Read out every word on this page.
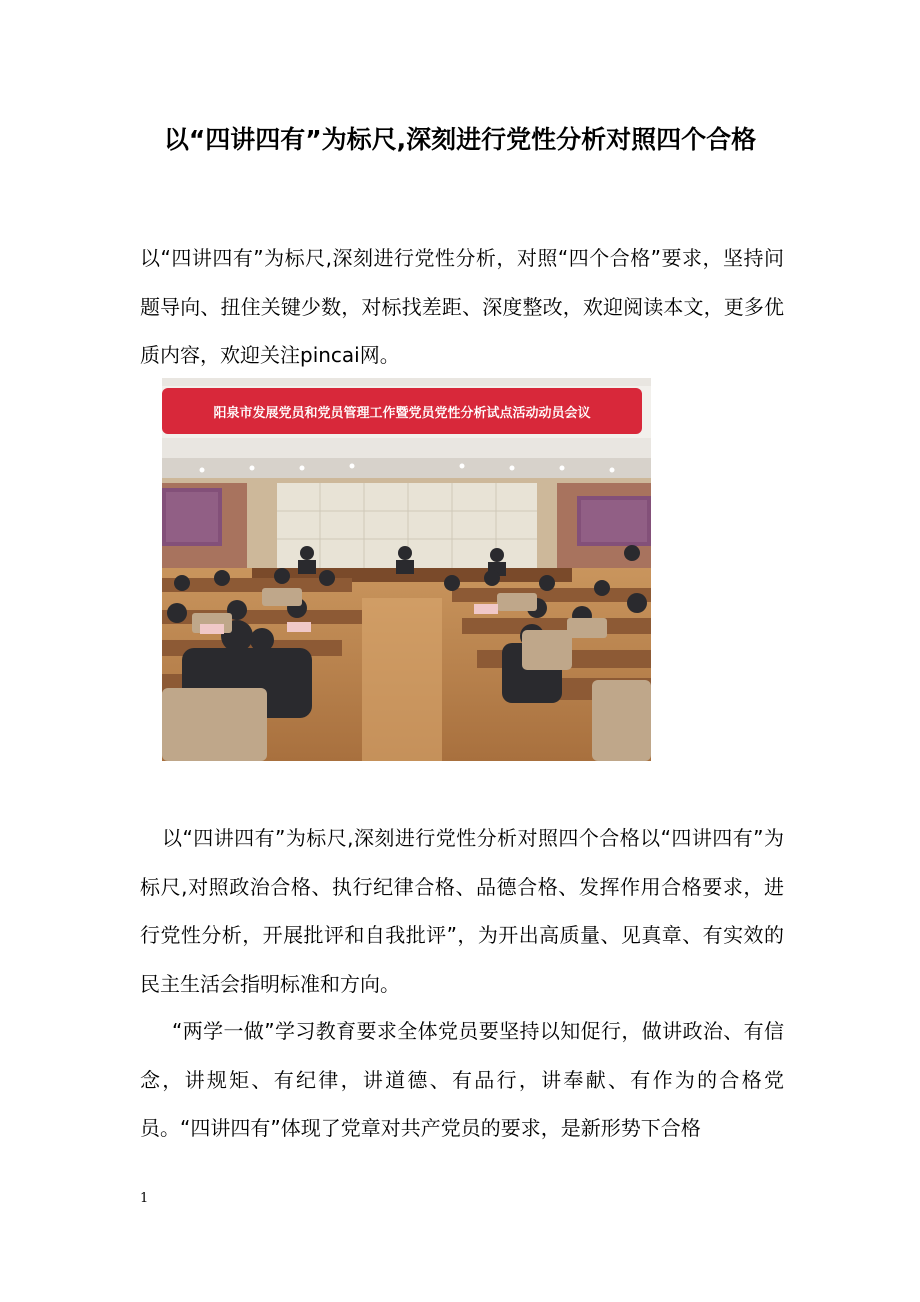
以“四讲四有”为标尺,深刻进行党性分析对照四个合格

以“四讲四有”为标尺,深刻进行党性分析，对照“四个合格”要求，坚持问题导向、扭住关键少数，对标找差距、深度整改，欢迎阅读本文，更多优质内容，欢迎关注pincai网。

阳泉市发展党员和党员管理工作暨党员党性分析试点活动动员会议

以“四讲四有”为标尺,深刻进行党性分析对照四个合格以“四讲四有”为标尺,对照政治合格、执行纪律合格、品德合格、发挥作用合格要求，进行党性分析，开展批评和自我批评”，为开出高质量、见真章、有实效的民主生活会指明标准和方向。

“两学一做”学习教育要求全体党员要坚持以知促行，做讲政治、有信念，讲规矩、有纪律，讲道德、有品行，讲奉献、有作为的合格党员。“四讲四有”体现了党章对共产党员的要求，是新形势下合格

1
